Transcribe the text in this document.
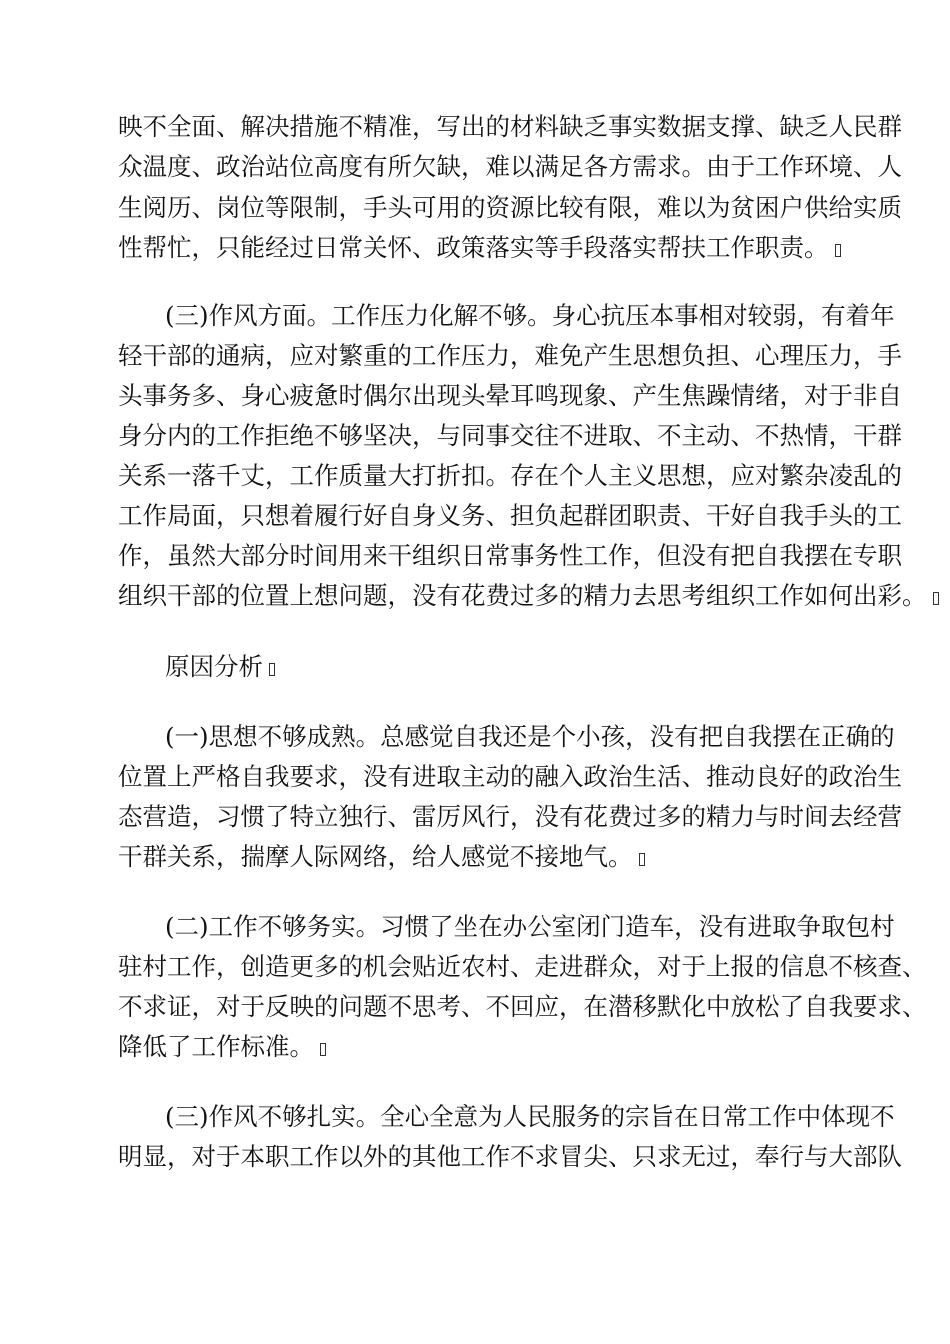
映不全面、解决措施不精准，写出的材料缺乏事实数据支撑、缺乏人民群
众温度、政治站位高度有所欠缺，难以满足各方需求。由于工作环境、人
生阅历、岗位等限制，手头可用的资源比较有限，难以为贫困户供给实质
性帮忙，只能经过日常关怀、政策落实等手段落实帮扶工作职责。
(三)作风方面。工作压力化解不够。身心抗压本事相对较弱，有着年
轻干部的通病，应对繁重的工作压力，难免产生思想负担、心理压力，手
头事务多、身心疲惫时偶尔出现头晕耳鸣现象、产生焦躁情绪，对于非自
身分内的工作拒绝不够坚决，与同事交往不进取、不主动、不热情，干群
关系一落千丈，工作质量大打折扣。存在个人主义思想，应对繁杂凌乱的
工作局面，只想着履行好自身义务、担负起群团职责、干好自我手头的工
作，虽然大部分时间用来干组织日常事务性工作，但没有把自我摆在专职
组织干部的位置上想问题，没有花费过多的精力去思考组织工作如何出彩。
原因分析
(一)思想不够成熟。总感觉自我还是个小孩，没有把自我摆在正确的
位置上严格自我要求，没有进取主动的融入政治生活、推动良好的政治生
态营造，习惯了特立独行、雷厉风行，没有花费过多的精力与时间去经营
干群关系，揣摩人际网络，给人感觉不接地气。
(二)工作不够务实。习惯了坐在办公室闭门造车，没有进取争取包村
驻村工作，创造更多的机会贴近农村、走进群众，对于上报的信息不核查、
不求证，对于反映的问题不思考、不回应，在潜移默化中放松了自我要求、
降低了工作标准。
(三)作风不够扎实。全心全意为人民服务的宗旨在日常工作中体现不
明显，对于本职工作以外的其他工作不求冒尖、只求无过，奉行与大部队
